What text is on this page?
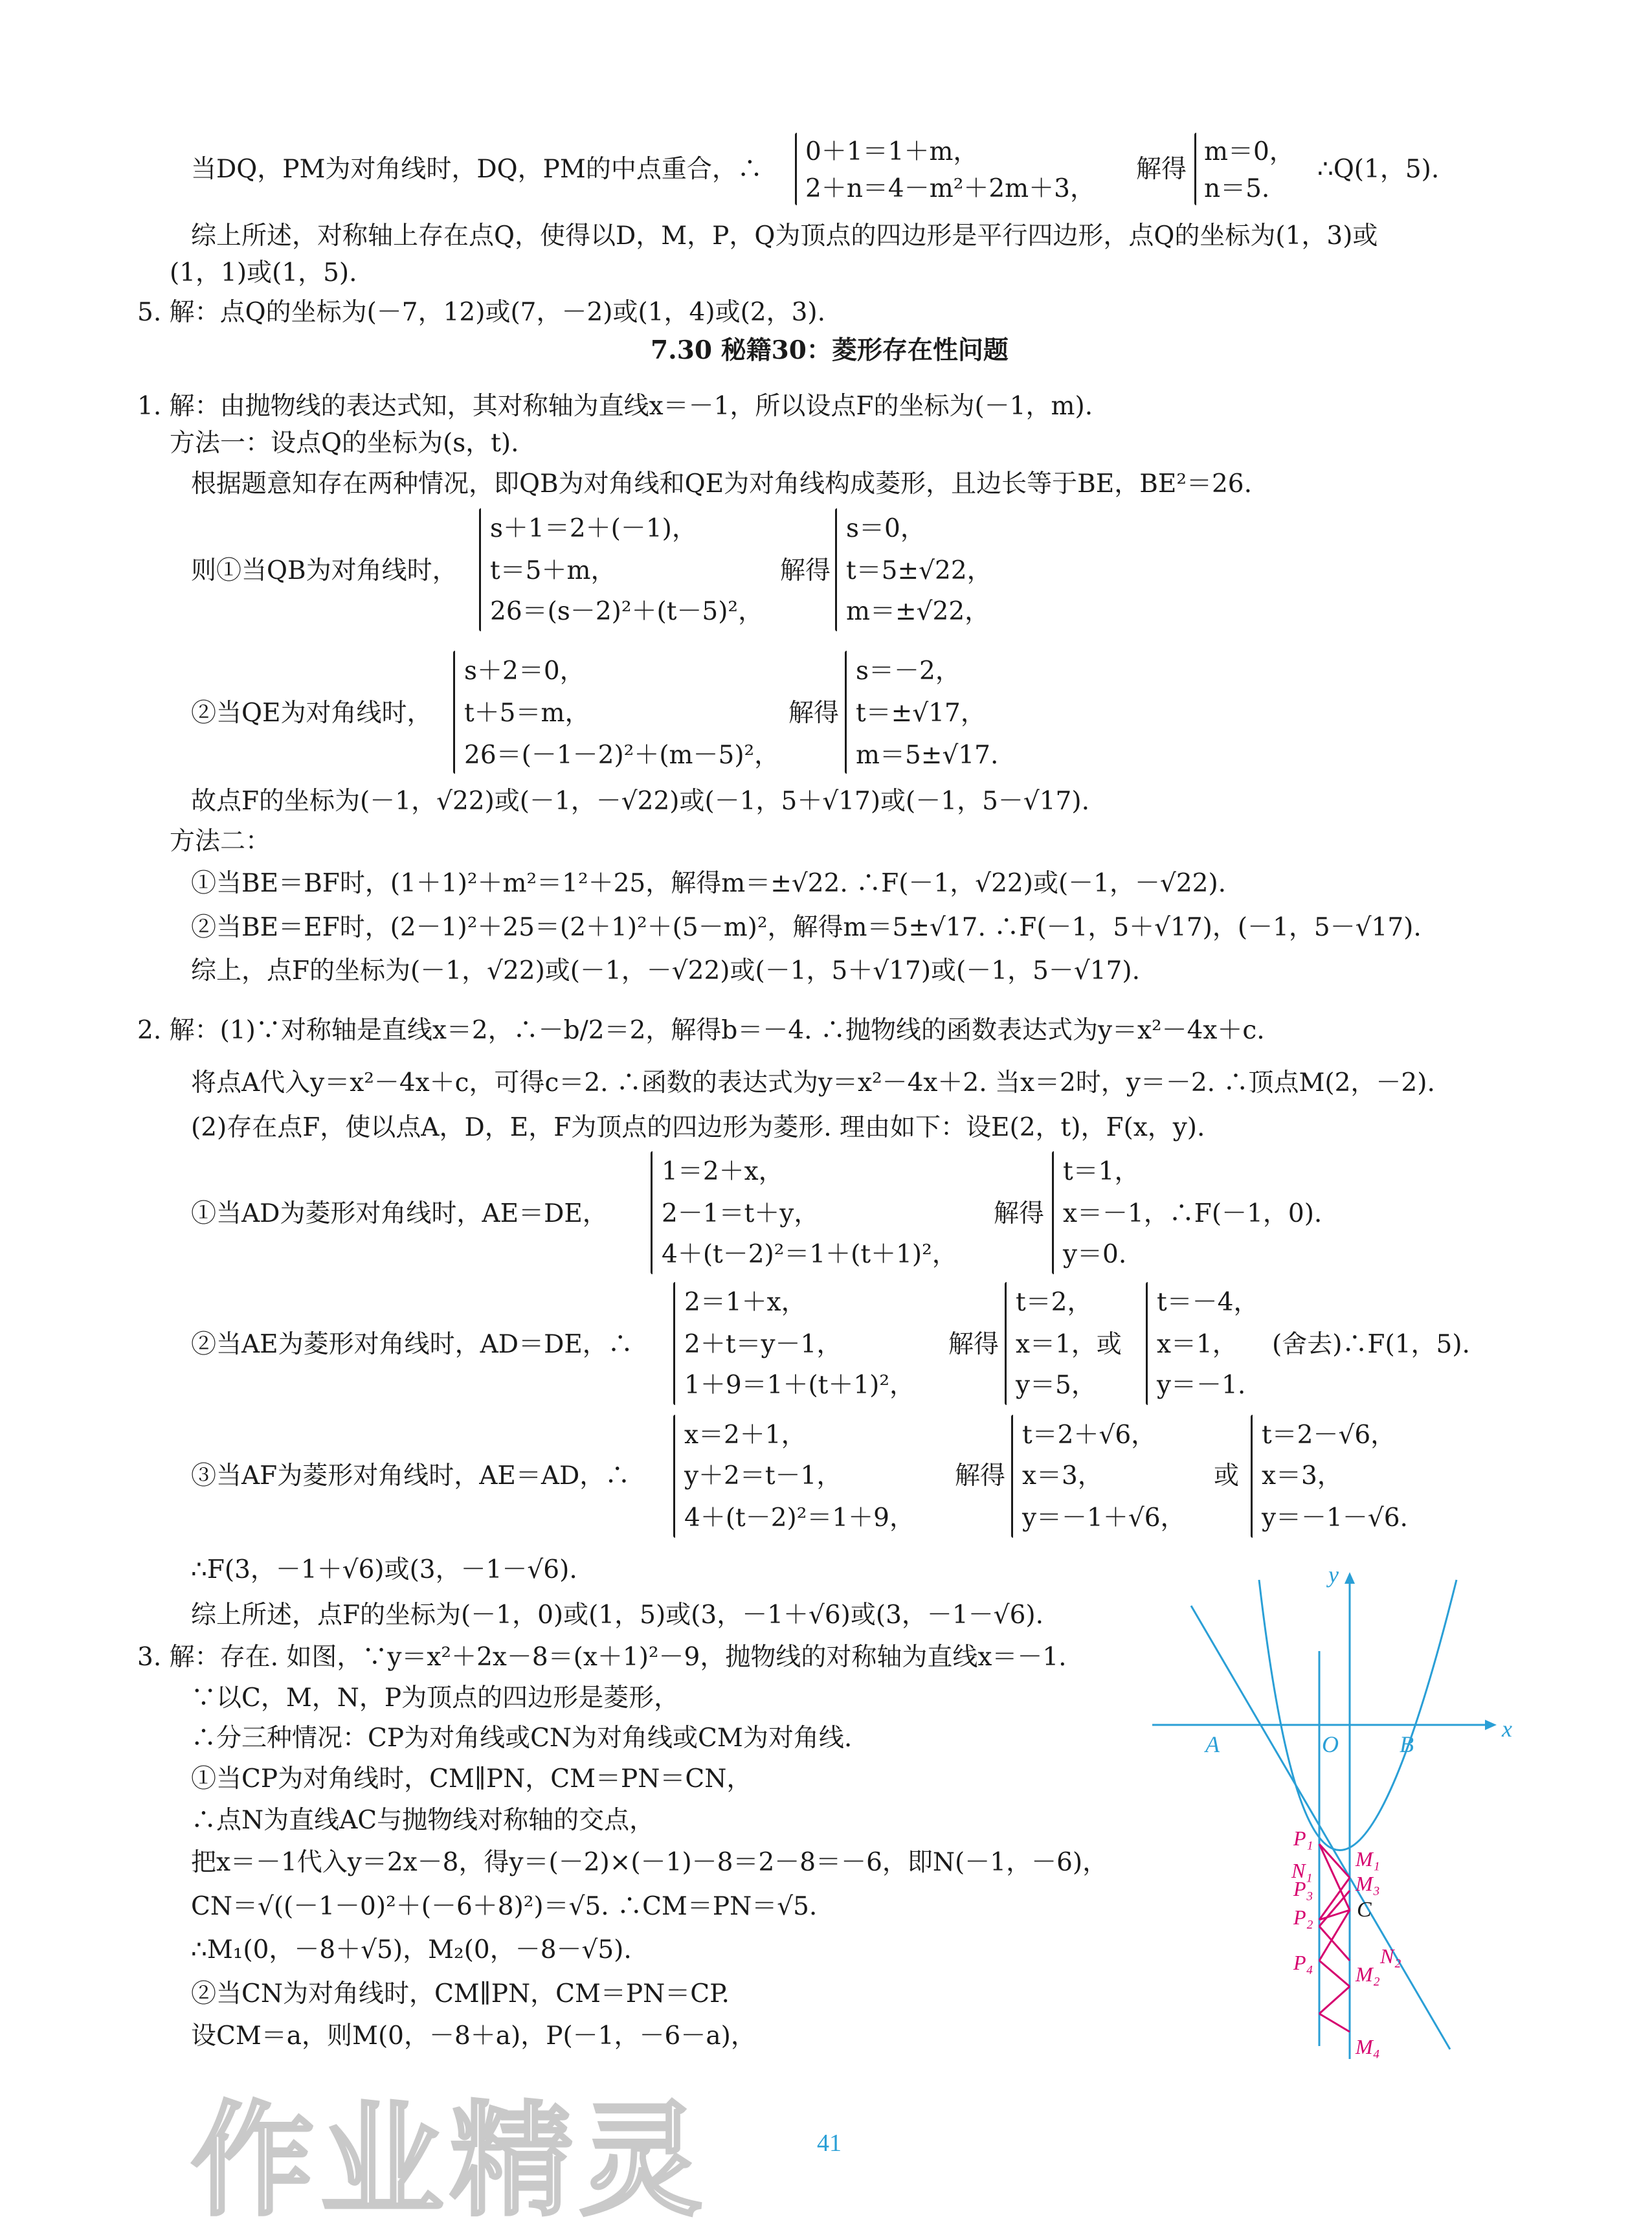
当DQ，PM为对角线时，DQ，PM的中点重合，∴
0＋1＝1＋m，
2＋n＝4－m²＋2m＋3，
解得
m＝0，
n＝5.
∴Q(1，5).
综上所述，对称轴上存在点Q，使得以D，M，P，Q为顶点的四边形是平行四边形，点Q的坐标为(1，3)或
(1，1)或(1，5).
5. 解：点Q的坐标为(－7，12)或(7，－2)或(1，4)或(2，3).
7.30 秘籍30：菱形存在性问题
1. 解：由抛物线的表达式知，其对称轴为直线x＝－1，所以设点F的坐标为(－1，m).
方法一：设点Q的坐标为(s，t).
根据题意知存在两种情况，即QB为对角线和QE为对角线构成菱形，且边长等于BE，BE²＝26.
s＋1＝2＋(－1)，
则①当QB为对角线时， t＝5＋m，
26＝(s－2)²＋(t－5)²，
解得
s＝0，
t＝5±√22，
m＝±√22，
s＋2＝0，
②当QE为对角线时， t＋5＝m，
26＝(－1－2)²＋(m－5)²，
解得
s＝－2，
t＝±√17，
m＝5±√17.
故点F的坐标为(－1，√22)或(－1，－√22)或(－1，5＋√17)或(－1，5－√17).
方法二：
①当BE＝BF时，(1＋1)²＋m²＝1²＋25，解得m＝±√22. ∴F(－1，√22)或(－1，－√22).
②当BE＝EF时，(2－1)²＋25＝(2＋1)²＋(5－m)²，解得m＝5±√17. ∴F(－1，5＋√17)，(－1，5－√17).
综上，点F的坐标为(－1，√22)或(－1，－√22)或(－1，5＋√17)或(－1，5－√17).
2. 解：(1)∵对称轴是直线x＝2，∴－b/2＝2，解得b＝－4. ∴抛物线的函数表达式为y＝x²－4x＋c.
将点A代入y＝x²－4x＋c，可得c＝2. ∴函数的表达式为y＝x²－4x＋2. 当x＝2时，y＝－2. ∴顶点M(2，－2).
(2)存在点F，使以点A，D，E，F为顶点的四边形为菱形. 理由如下：设E(2，t)，F(x，y).
1＝2＋x，
①当AD为菱形对角线时，AE＝DE， 2－1＝t＋y，
4＋(t－2)²＝1＋(t＋1)²，
解得
t＝1，
x＝－1，∴F(－1，0).
y＝0.
2＝1＋x，
②当AE为菱形对角线时，AD＝DE，∴ 2＋t＝y－1，
1＋9＝1＋(t＋1)²，
解得
t＝2，
x＝1，或
y＝5，
t＝－4，
x＝1， (舍去)∴F(1，5).
y＝－1.
x＝2＋1，
③当AF为菱形对角线时，AE＝AD，∴ y＋2＝t－1，
4＋(t－2)²＝1＋9，
解得
t＝2＋√6，
x＝3，
y＝－1＋√6，
或
t＝2－√6，
x＝3，
y＝－1－√6.
∴F(3，－1＋√6)或(3，－1－√6).
综上所述，点F的坐标为(－1，0)或(1，5)或(3，－1＋√6)或(3，－1－√6).
3. 解：存在. 如图，∵y＝x²＋2x－8＝(x＋1)²－9，抛物线的对称轴为直线x＝－1.
∵以C，M，N，P为顶点的四边形是菱形，
∴分三种情况：CP为对角线或CN为对角线或CM为对角线.
①当CP为对角线时，CM∥PN，CM＝PN＝CN，
∴点N为直线AC与抛物线对称轴的交点，
把x＝－1代入y＝2x－8，得y＝(－2)×(－1)－8＝2－8＝－6，即N(－1，－6)，
CN＝√((－1－0)²＋(－6＋8)²)＝√5. ∴CM＝PN＝√5.
∴M₁(0，－8＋√5)，M₂(0，－8－√5).
②当CN为对角线时，CM∥PN，CM＝PN＝CP.
设CM＝a，则M(0，－8＋a)，P(－1，－6－a)，
x
y
A	O	B
C
P₁
P₂
P₃
P₄
N₁
N₂
M₁
M₂
M₃
M₄
41
作业精灵
